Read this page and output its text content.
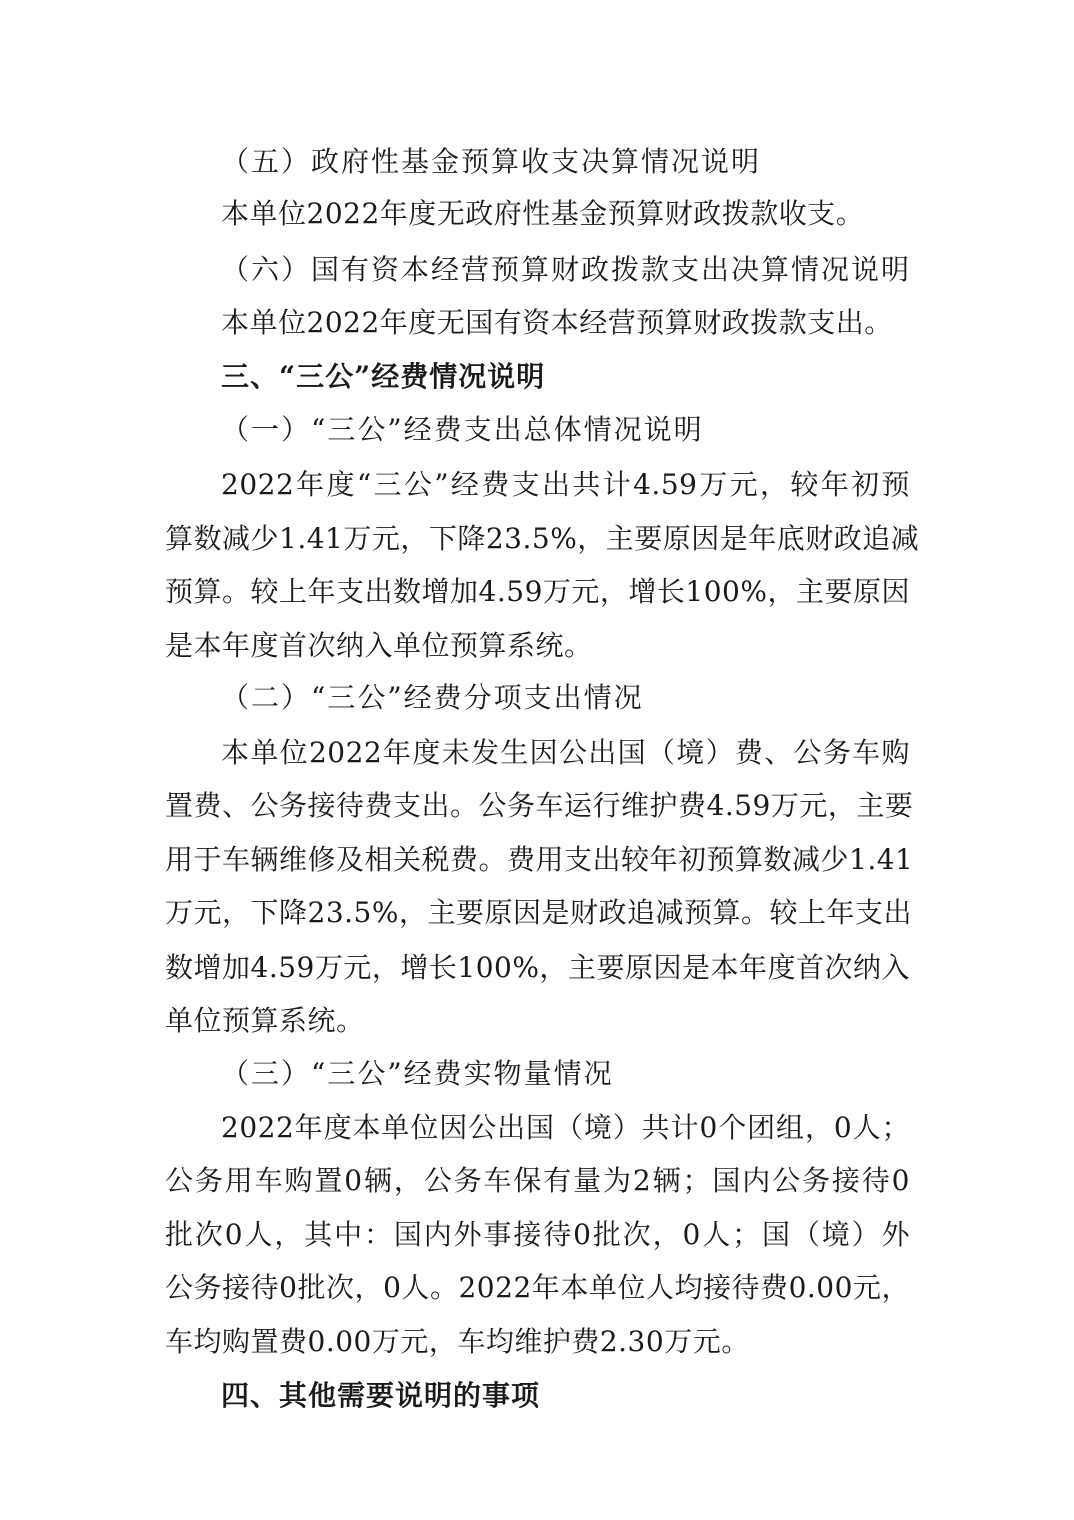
（五）政府性基金预算收支决算情况说明
本单位2022年度无政府性基金预算财政拨款收支。
（六）国有资本经营预算财政拨款支出决算情况说明
本单位2022年度无国有资本经营预算财政拨款支出。
三、“三公”经费情况说明
（一）“三公”经费支出总体情况说明
2022年度“三公”经费支出共计4.59万元，较年初预
算数减少1.41万元，下降23.5%，主要原因是年底财政追减
预算。较上年支出数增加4.59万元，增长100%，主要原因
是本年度首次纳入单位预算系统。
（二）“三公”经费分项支出情况
本单位2022年度未发生因公出国（境）费、公务车购
置费、公务接待费支出。公务车运行维护费4.59万元，主要
用于车辆维修及相关税费。费用支出较年初预算数减少1.41
万元，下降23.5%，主要原因是财政追减预算。较上年支出
数增加4.59万元，增长100%，主要原因是本年度首次纳入
单位预算系统。
（三）“三公”经费实物量情况
2022年度本单位因公出国（境）共计0个团组，0人；
公务用车购置0辆，公务车保有量为2辆；国内公务接待0
批次0人，其中：国内外事接待0批次，0人；国（境）外
公务接待0批次，0人。2022年本单位人均接待费0.00元，
车均购置费0.00万元，车均维护费2.30万元。
四、其他需要说明的事项
